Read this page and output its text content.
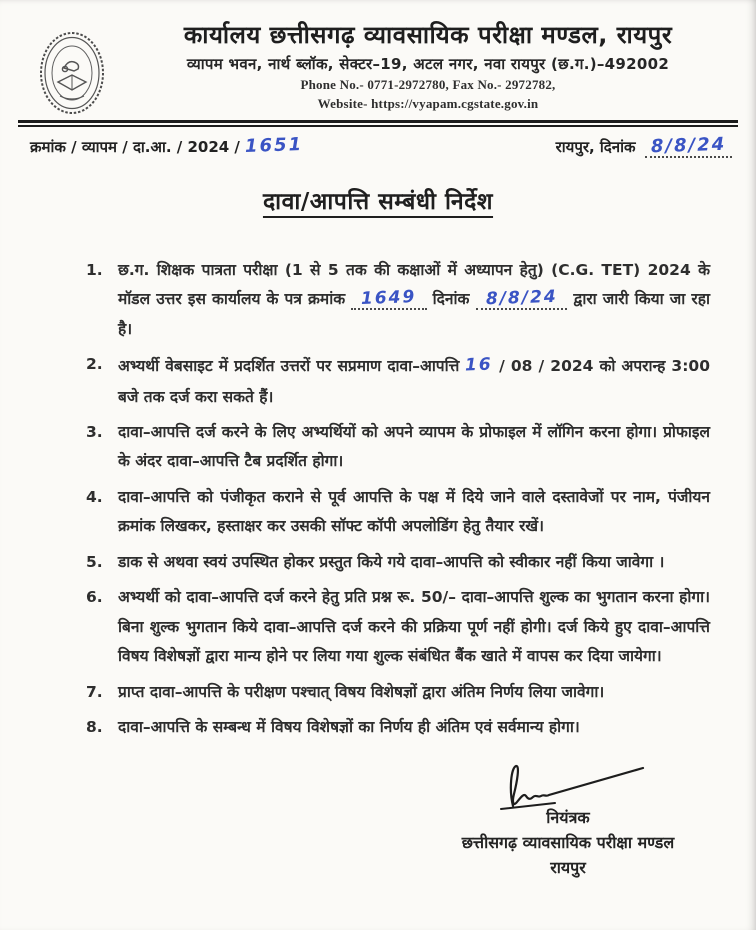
कार्यालय छत्तीसगढ़ व्यावसायिक परीक्षा मण्डल, रायपुर
व्यापम भवन, नार्थ ब्लॉक, सेक्टर–19, अटल नगर, नवा रायपुर (छ.ग.)–492002
Phone No.- 0771-2972780, Fax No.- 2972782,
Website- https://vyapam.cgstate.gov.in
क्रमांक / व्यापम / दा.आ. / 2024 / 1651	रायपुर, दिनांक 8/8/24
दावा/आपत्ति सम्बंधी निर्देश
1. छ.ग. शिक्षक पात्रता परीक्षा (1 से 5 तक की कक्षाओं में अध्यापन हेतु) (C.G. TET) 2024 के मॉडल उत्तर इस कार्यालय के पत्र क्रमांक 1649 दिनांक 8/8/24 द्वारा जारी किया जा रहा है।
2. अभ्यर्थी वेबसाइट में प्रदर्शित उत्तरों पर सप्रमाण दावा–आपत्ति 16 / 08 / 2024 को अपरान्ह 3:00 बजे तक दर्ज करा सकते हैं।
3. दावा–आपत्ति दर्ज करने के लिए अभ्यर्थियों को अपने व्यापम के प्रोफाइल में लॉगिन करना होगा। प्रोफाइल के अंदर दावा–आपत्ति टैब प्रदर्शित होगा।
4. दावा–आपत्ति को पंजीकृत कराने से पूर्व आपत्ति के पक्ष में दिये जाने वाले दस्तावेजों पर नाम, पंजीयन क्रमांक लिखकर, हस्ताक्षर कर उसकी सॉफ्ट कॉपी अपलोडिंग हेतु तैयार रखें।
5. डाक से अथवा स्वयं उपस्थित होकर प्रस्तुत किये गये दावा–आपत्ति को स्वीकार नहीं किया जावेगा ।
6. अभ्यर्थी को दावा–आपत्ति दर्ज करने हेतु प्रति प्रश्न रू. 50/– दावा–आपत्ति शुल्क का भुगतान करना होगा। बिना शुल्क भुगतान किये दावा–आपत्ति दर्ज करने की प्रक्रिया पूर्ण नहीं होगी। दर्ज किये हुए दावा–आपत्ति विषय विशेषज्ञों द्वारा मान्य होने पर लिया गया शुल्क संबंधित बैंक खाते में वापस कर दिया जायेगा।
7. प्राप्त दावा–आपत्ति के परीक्षण पश्चात् विषय विशेषज्ञों द्वारा अंतिम निर्णय लिया जावेगा।
8. दावा–आपत्ति के सम्बन्ध में विषय विशेषज्ञों का निर्णय ही अंतिम एवं सर्वमान्य होगा।
नियंत्रक
छत्तीसगढ़ व्यावसायिक परीक्षा मण्डल
रायपुर
